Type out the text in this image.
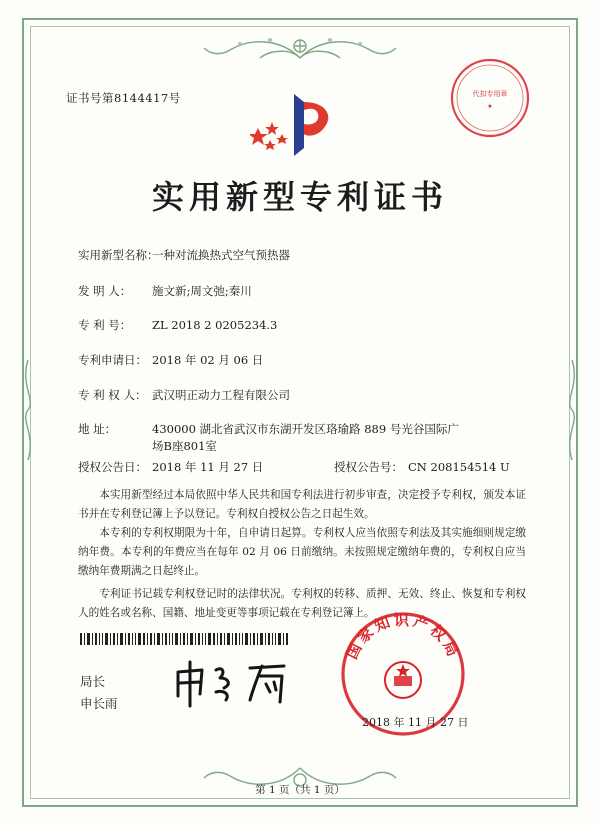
证书号第8144417号	代扣专用章
★
实用新型专利证书
实用新型名称：
一种对流换热式空气预热器
发 明 人： 施文新;周文弛;秦川
专 利 号： ZL 2018 2 0205234.3
专利申请日： 2018 年 02 月 06 日
专 利 权 人： 武汉明正动力工程有限公司
地 址：	430000 湖北省武汉市东湖开发区珞瑜路 889 号光谷国际广
场B座801室
授权公告日： 2018 年 11 月 27 日	授权公告号： CN 208154514 U

本实用新型经过本局依照中华人民共和国专利法进行初步审查，决定授予专利权，颁发本证书并在专利登记簿上予以登记。专利权自授权公告之日起生效。

本专利的专利权期限为十年，自申请日起算。专利权人应当依照专利法及其实施细则规定缴纳年费。本专利的年费应当在每年 02 月 06 日前缴纳。未按照规定缴纳年费的，专利权自应当缴纳年费期满之日起终止。

专利证书记载专利权登记时的法律状况。专利权的转移、质押、无效、终止、恢复和专利权人的姓名或名称、国籍、地址变更等事项记载在专利登记簿上。

局长
申长雨
国家知识产权局
2018 年 11 月 27 日
第 1 页（共 1 页）
